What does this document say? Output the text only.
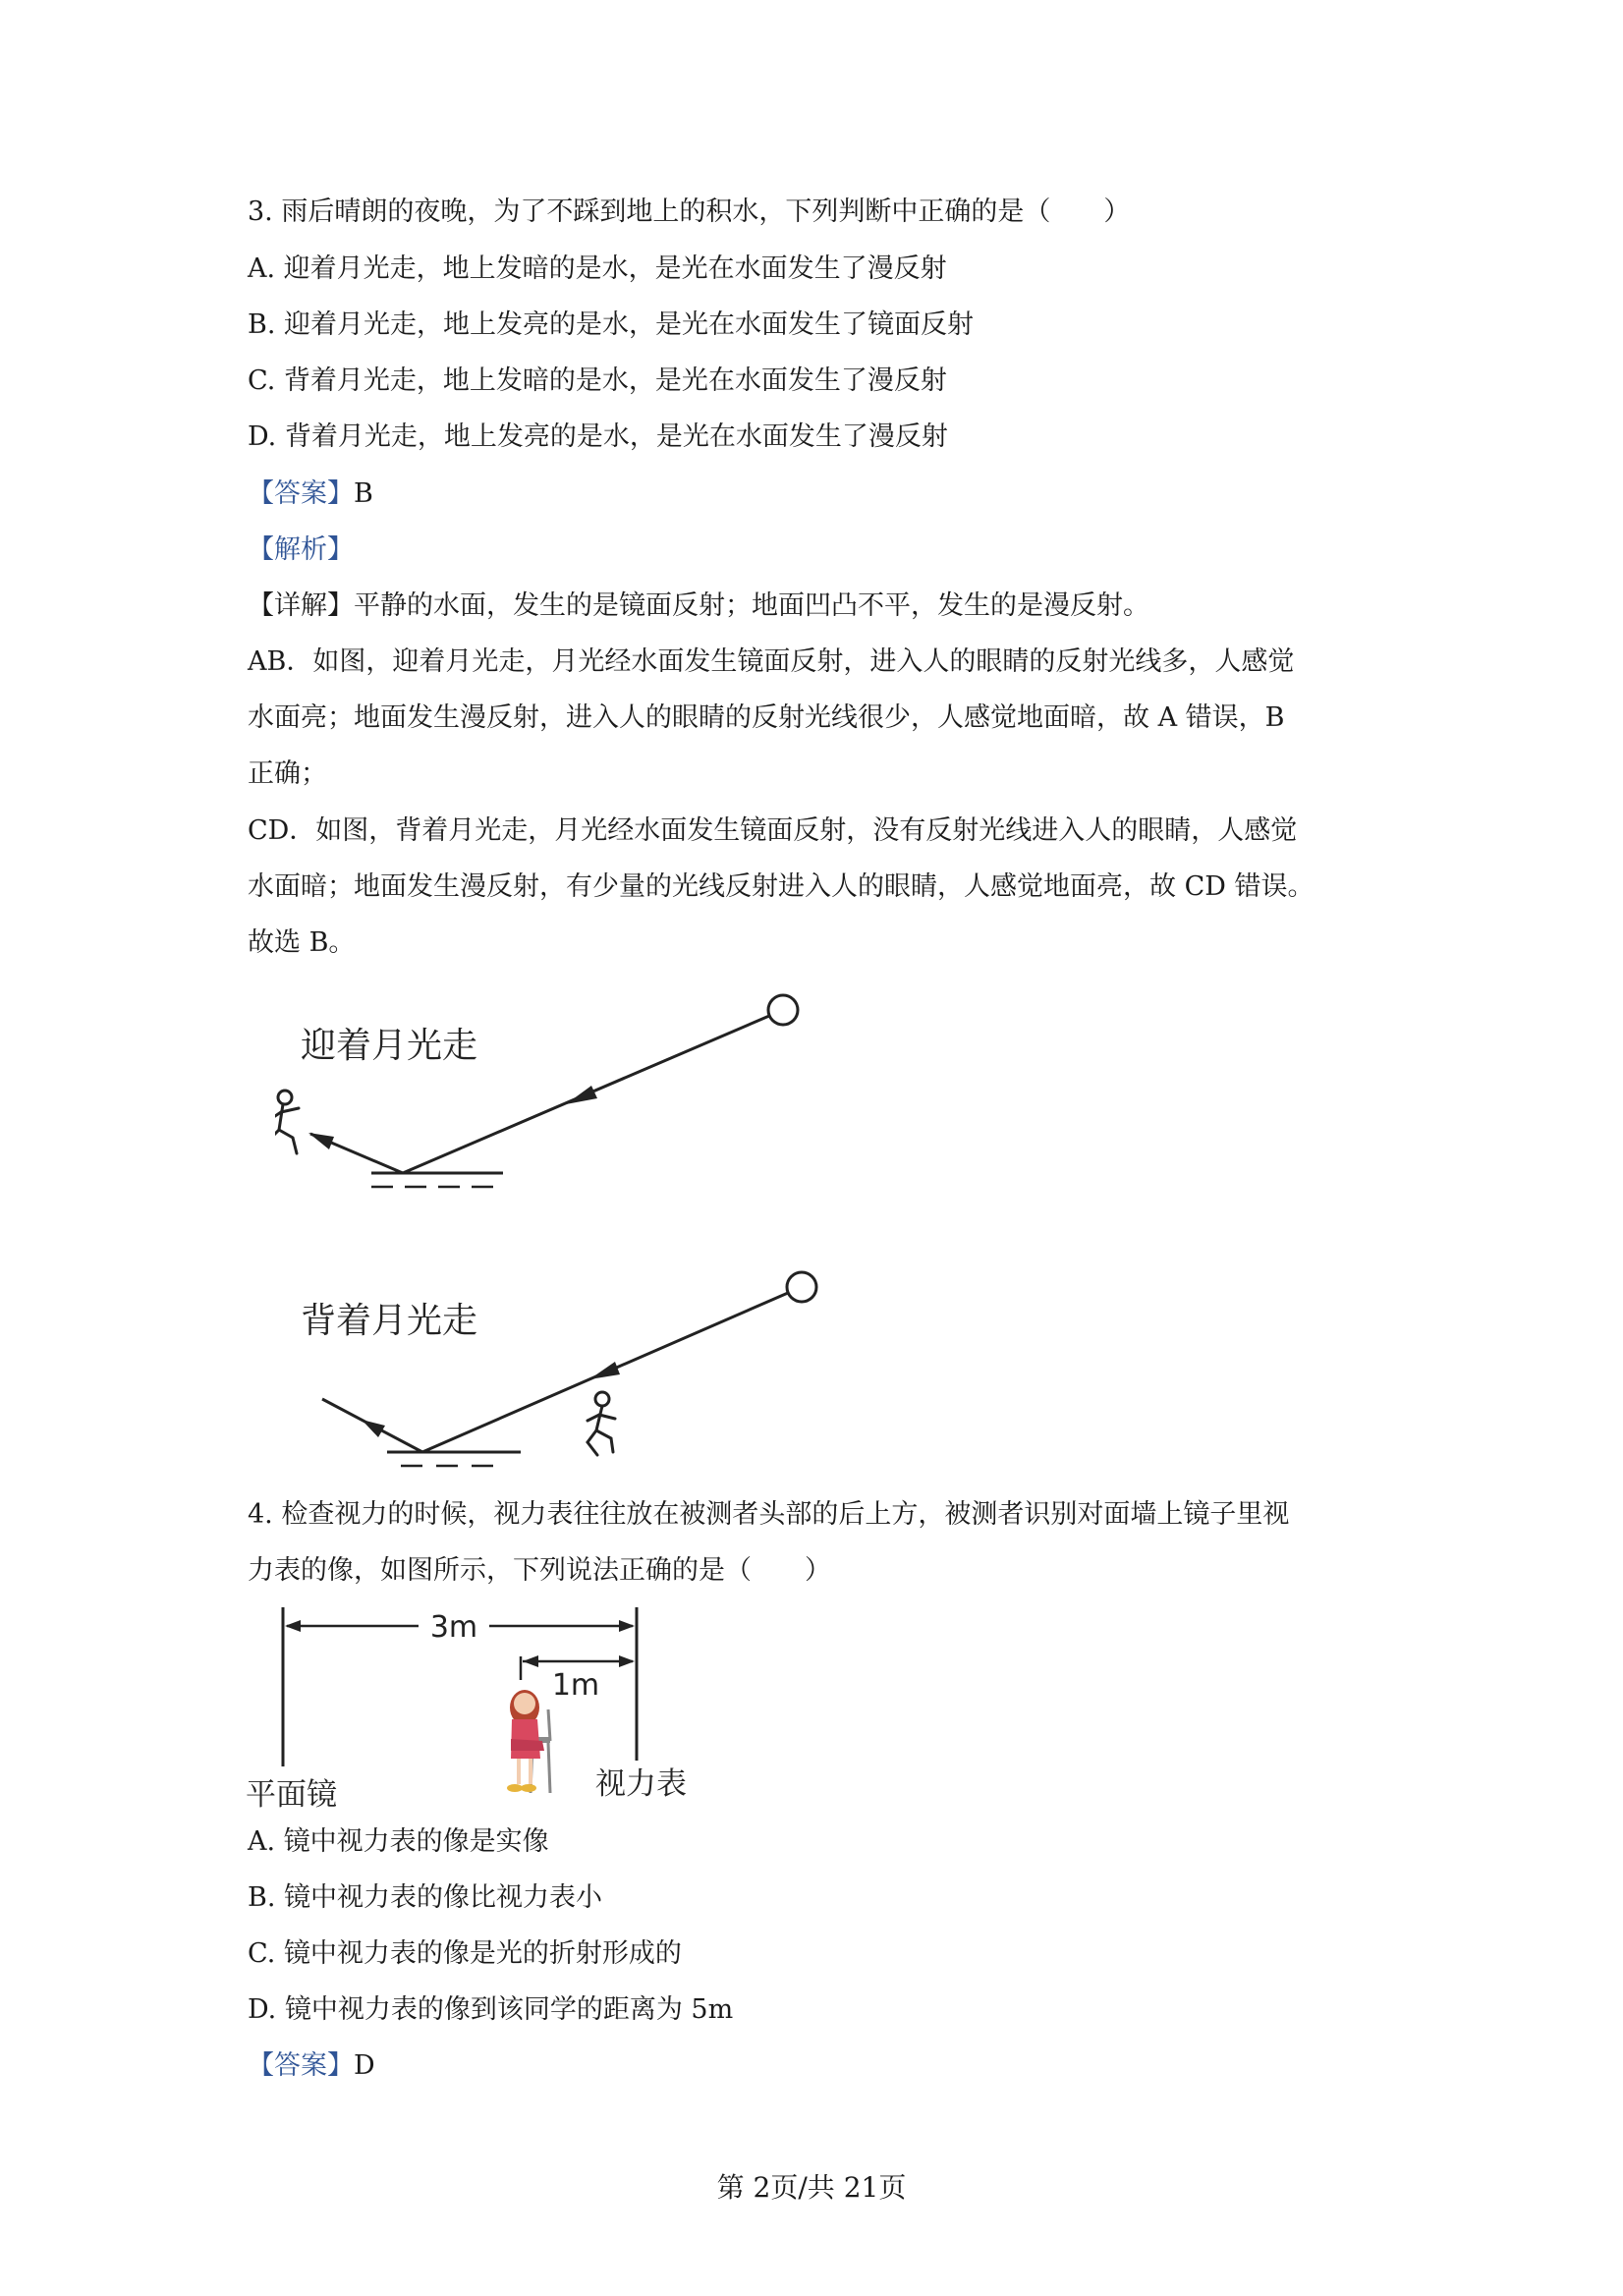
3. 雨后晴朗的夜晚，为了不踩到地上的积水，下列判断中正确的是（　　）
A. 迎着月光走，地上发暗的是水，是光在水面发生了漫反射
B. 迎着月光走，地上发亮的是水，是光在水面发生了镜面反射
C. 背着月光走，地上发暗的是水，是光在水面发生了漫反射
D. 背着月光走，地上发亮的是水，是光在水面发生了漫反射
【答案】B
【解析】
【详解】平静的水面，发生的是镜面反射；地面凹凸不平，发生的是漫反射。
AB．如图，迎着月光走，月光经水面发生镜面反射，进入人的眼睛的反射光线多，人感觉
水面亮；地面发生漫反射，进入人的眼睛的反射光线很少，人感觉地面暗，故 A 错误，B
正确；
CD．如图，背着月光走，月光经水面发生镜面反射，没有反射光线进入人的眼睛，人感觉
水面暗；地面发生漫反射，有少量的光线反射进入人的眼睛，人感觉地面亮，故 CD 错误。
故选 B。
迎着月光走
背着月光走
4. 检查视力的时候，视力表往往放在被测者头部的后上方，被测者识别对面墙上镜子里视
力表的像，如图所示，下列说法正确的是（　　）
3m
1m
平面镜	视力表
A. 镜中视力表的像是实像
B. 镜中视力表的像比视力表小
C. 镜中视力表的像是光的折射形成的
D. 镜中视力表的像到该同学的距离为 5m
【答案】D
第 2页/共 21页
